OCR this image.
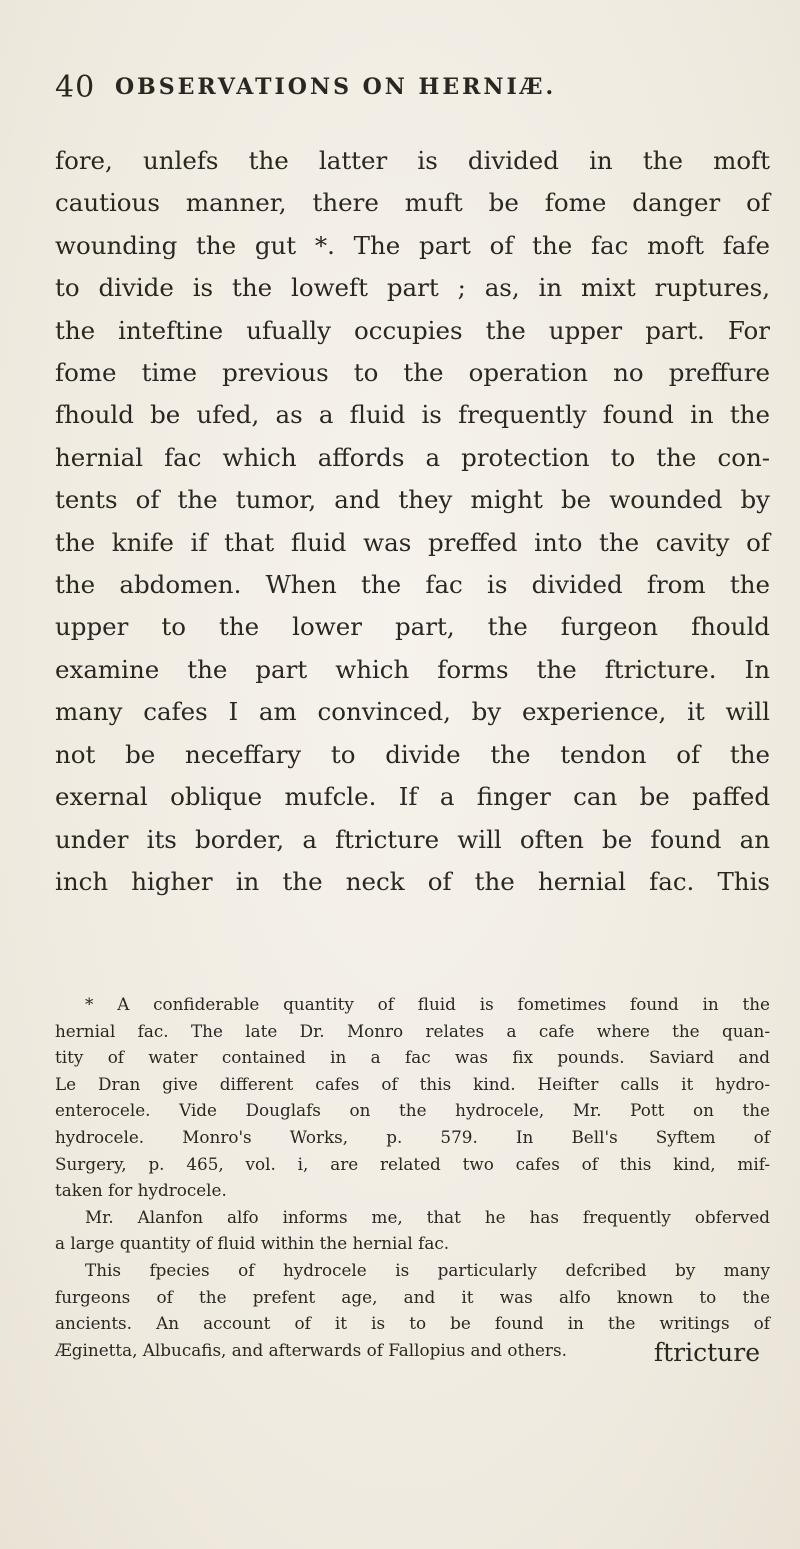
40 OBSERVATIONS ON HERNIÆ.
fore, unlefs the latter is divided in the moft
cautious manner, there muft be fome danger of
wounding the gut *. The part of the fac moft fafe
to divide is the loweft part ; as, in mixt ruptures,
the inteftine ufually occupies the upper part. For
fome time previous to the operation no preffure
fhould be ufed, as a fluid is frequently found in the
hernial fac which affords a protection to the con-
tents of the tumor, and they might be wounded by
the knife if that fluid was preffed into the cavity of
the abdomen. When the fac is divided from the
upper to the lower part, the furgeon fhould
examine the part which forms the ftricture. In
many cafes I am convinced, by experience, it will
not be neceffary to divide the tendon of the
exernal oblique mufcle. If a finger can be paffed
under its border, a ftricture will often be found an
inch higher in the neck of the hernial fac. This
* A confiderable quantity of fluid is fometimes found in the
hernial fac. The late Dr. Monro relates a cafe where the quan-
tity of water contained in a fac was fix pounds. Saviard and
Le Dran give different cafes of this kind. Heifter calls it hydro-
enterocele. Vide Douglafs on the hydrocele, Mr. Pott on the
hydrocele. Monro's Works, p. 579. In Bell's Syftem of
Surgery, p. 465, vol. i, are related two cafes of this kind, mif-
taken for hydrocele.
Mr. Alanfon alfo informs me, that he has frequently obferved
a large quantity of fluid within the hernial fac.
This fpecies of hydrocele is particularly defcribed by many
furgeons of the prefent age, and it was alfo known to the
ancients. An account of it is to be found in the writings of
Æginetta, Albucafis, and afterwards of Fallopius and others.	ftricture
